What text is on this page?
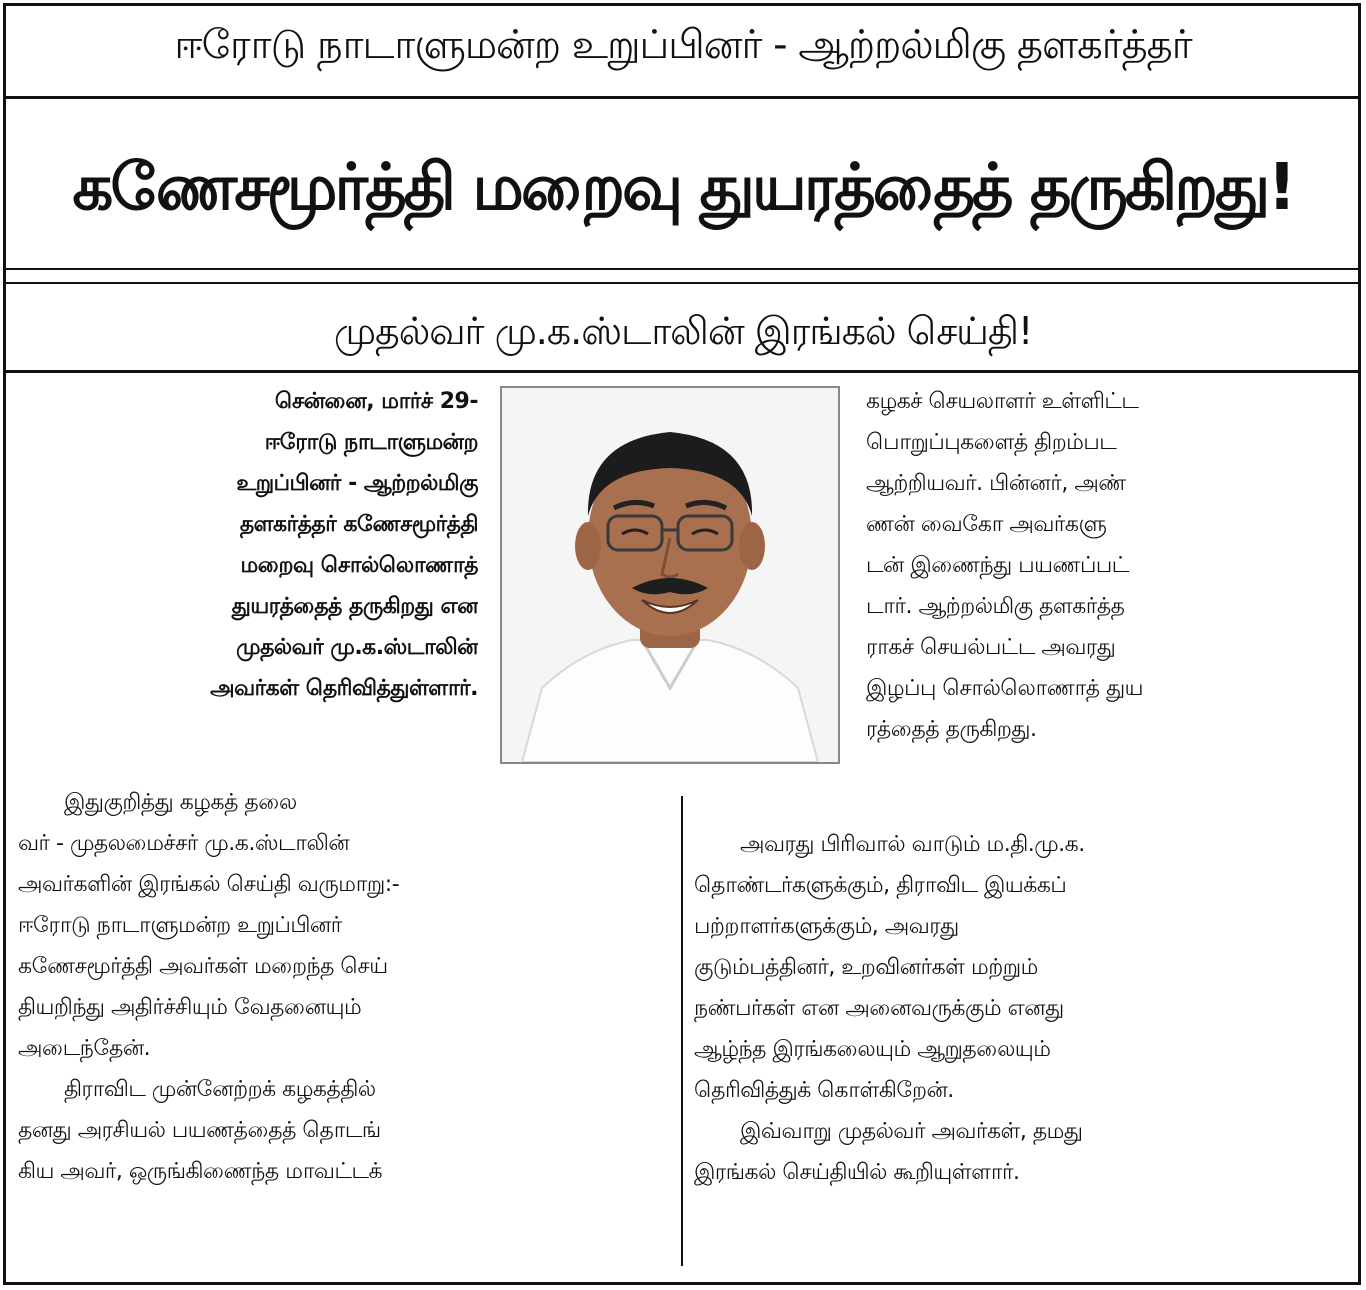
ஈரோடு நாடாளுமன்ற உறுப்பினர் - ஆற்றல்மிகு தளகர்த்தர்
கணேசமூர்த்தி மறைவு துயரத்தைத் தருகிறது!
முதல்வர் மு.க.ஸ்டாலின் இரங்கல் செய்தி!

சென்னை, மார்ச் 29-

ஈரோடு நாடாளுமன்ற

உறுப்பினர் - ஆற்றல்மிகு

தளகர்த்தர் கணேசமூர்த்தி

மறைவு சொல்லொணாத்

துயரத்தைத் தருகிறது என

முதல்வர் மு.க.ஸ்டாலின்

அவர்கள் தெரிவித்துள்ளார்.

கழகச் செயலாளர் உள்ளிட்ட

பொறுப்புகளைத் திறம்பட

ஆற்றியவர். பின்னர், அண்

ணன் வைகோ அவர்களு

டன் இணைந்து பயணப்பட்

டார். ஆற்றல்மிகு தளகர்த்த

ராகச் செயல்பட்ட அவரது

இழப்பு சொல்லொணாத் துய

ரத்தைத் தருகிறது.

இதுகுறித்து கழகத் தலை

வர் - முதலமைச்சர் மு.க.ஸ்டாலின்

அவர்களின் இரங்கல் செய்தி வருமாறு:-

ஈரோடு நாடாளுமன்ற உறுப்பினர்

கணேசமூர்த்தி அவர்கள் மறைந்த செய்

தியறிந்து அதிர்ச்சியும் வேதனையும்

அடைந்தேன்.

திராவிட முன்னேற்றக் கழகத்தில்

தனது அரசியல் பயணத்தைத் தொடங்

கிய அவர், ஒருங்கிணைந்த மாவட்டக்

அவரது பிரிவால் வாடும் ம.தி.மு.க.

தொண்டர்களுக்கும், திராவிட இயக்கப்

பற்றாளர்களுக்கும், அவரது

குடும்பத்தினர், உறவினர்கள் மற்றும்

நண்பர்கள் என அனைவருக்கும் எனது

ஆழ்ந்த இரங்கலையும் ஆறுதலையும்

தெரிவித்துக் கொள்கிறேன்.

இவ்வாறு முதல்வர் அவர்கள், தமது

இரங்கல் செய்தியில் கூறியுள்ளார்.
